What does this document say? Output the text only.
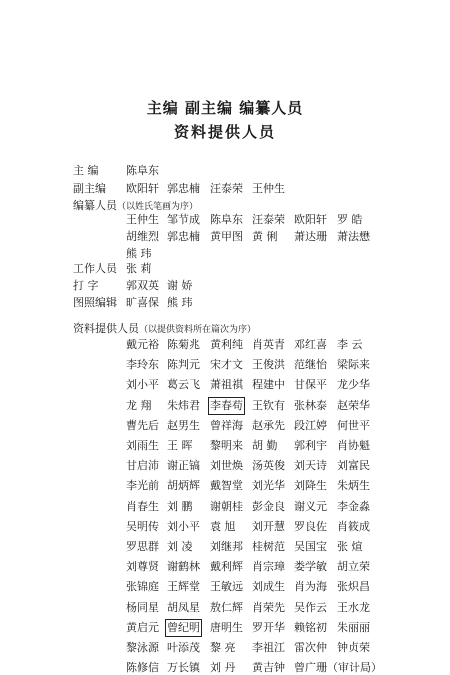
主编 副主编 编纂人员
资料提供人员
主 编	陈阜东
副主编 欧阳轩 郭忠楠 汪泰荣 王仲生
编纂人员（以姓氏笔画为序）
王仲生 邹节成 陈阜东 汪泰荣 欧阳轩 罗 皓
胡维烈 郭忠楠 黄甲图 黄 俐 萧达珊 萧法懋
熊 玮
工作人员 张 莉
打 字	郭双英 谢 娇
图照编辑 旷喜保 熊 玮
资料提供人员（以提供资料所在篇次为序）
戴元裕 陈菊兆 黄利纯 肖英青 邓红喜 李 云
李玲东 陈判元 宋才文 王俊洪 范继怡 梁际来
刘小平 葛云飞 萧祖祺 程建中 甘保平 龙少华
龙 翔 朱炜君 李春苟 王钦有 张林泰 赵荣华
曹先后 赵男生 曾祥海 赵承先 段江婷 何世平
刘雨生 王 晖 黎明来 胡 勤 郭利宇 肖协魁
甘启沛 谢正镐 刘世焕 汤英俊 刘天诗 刘富民
李光前 胡炳辉 戴智堂 刘光华 刘降生 朱炳生
肖春生 刘 鹏 谢朝桂 彭金良 谢义元 李金淼
吴明传 刘小平 袁 旭 刘开慧 罗良佐 肖筱成
罗思群 刘 凌 刘继邦 桂树范 吴国宝 张 煊
刘尊贤 谢鹤林 戴利辉 肖宗璋 娄学敏 胡立荣
张锦庭 王辉堂 王敏远 刘成生 肖为海 张炽昌
杨同星 胡凤星 敖仁辉 肖荣先 吴作云 王水龙
黄启元 曾纪明 唐明生 罗开华 赖铭初 朱丽丽
黎泳源 叶添茂 黎 亮 李祖江 雷次仲 钟贞荣
陈修信 万长镇 刘 丹 黄吉钟 曾广珊（审计局）
